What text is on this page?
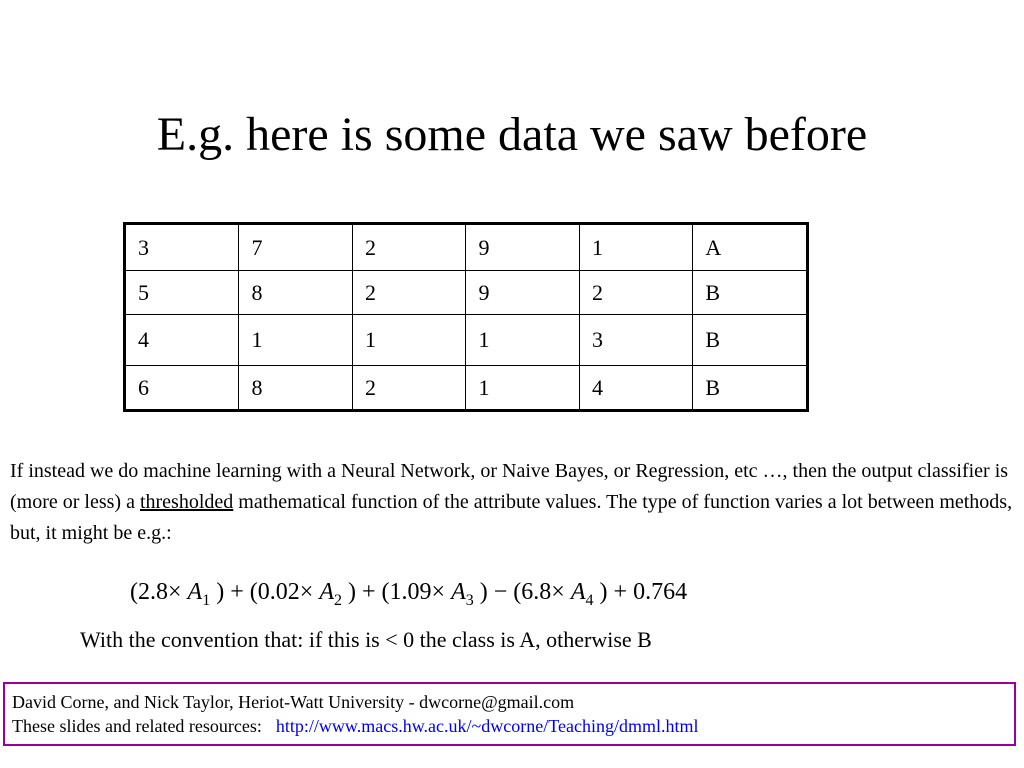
E.g. here is some data we saw before
3	7	2	9	1	A
5	8	2	9	2	B
4	1	1	1	3	B
6	8	2	1	4	B

If instead we do machine learning with a Neural Network, or Naive Bayes, or Regression, etc …, then the output classifier is (more or less) a thresholded mathematical function of the attribute values. The type of function varies a lot between methods, but, it might be e.g.:

($2.8\times A_1$ ) + ($0.02\times A_2$ ) + ($1.09\times A_3$ ) − ($6.8\times A_4$ ) + 0.764

With the convention that: if this is < 0 the class is A, otherwise B

David Corne, and Nick Taylor, Heriot-Watt University - dwcorne@gmail.com
These slides and related resources: http://www.macs.hw.ac.uk/~dwcorne/Teaching/dmml.html
